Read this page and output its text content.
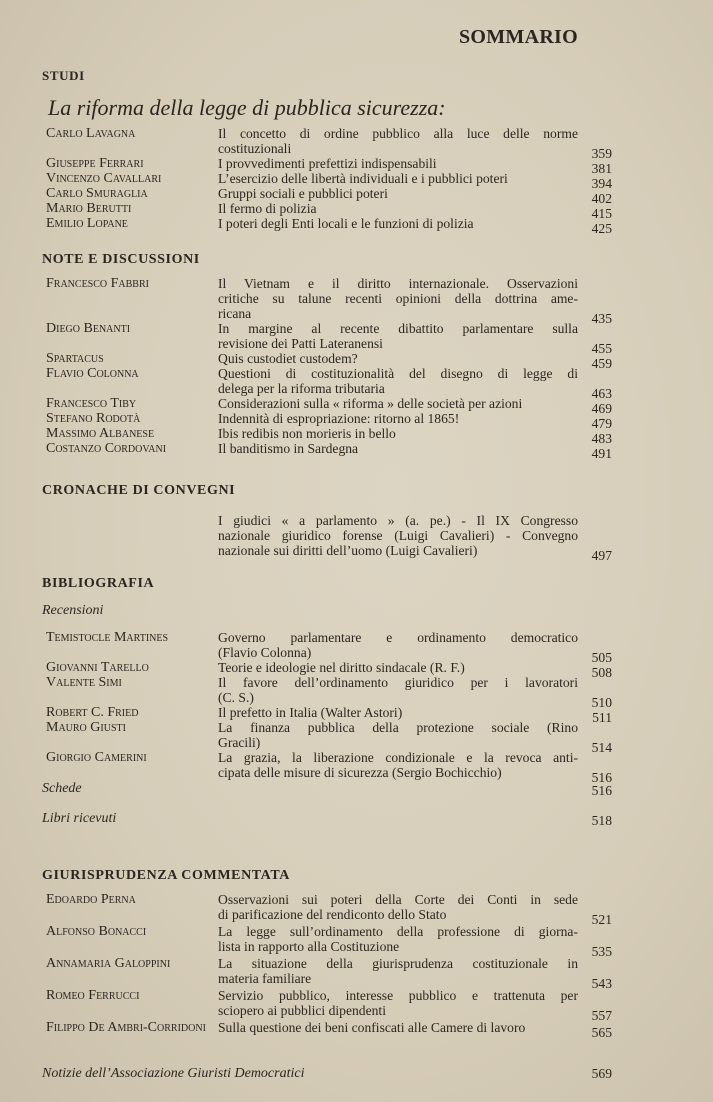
SOMMARIO
STUDI
La riforma della legge di pubblica sicurezza:
Carlo Lavagna	Il concetto di ordine pubblico alla luce delle norme
costituzionali	359
Giuseppe Ferrari	I provvedimenti prefettizi indispensabili	381
Vincenzo Cavallari	L’esercizio delle libertà individuali e i pubblici poteri	394
Carlo Smuraglia	Gruppi sociali e pubblici poteri	402
Mario Berutti	Il fermo di polizia	415
Emilio Lopane	I poteri degli Enti locali e le funzioni di polizia	425
NOTE E DISCUSSIONI
Francesco Fabbri	Il Vietnam e il diritto internazionale. Osservazioni
critiche su talune recenti opinioni della dottrina ame-
ricana	435
Diego Benanti	In margine al recente dibattito parlamentare sulla
revisione dei Patti Lateranensi	455
Spartacus	Quis custodiet custodem?	459
Flavio Colonna	Questioni di costituzionalità del disegno di legge di
delega per la riforma tributaria	463
Francesco Tiby	Considerazioni sulla « riforma » delle società per azioni	469
Stefano Rodotà	Indennità di espropriazione: ritorno al 1865!	479
Massimo Albanese	Ibis redibis non morieris in bello	483
Costanzo Cordovani	Il banditismo in Sardegna	491
CRONACHE DI CONVEGNI
I giudici « a parlamento » (a. pe.) - Il IX Congresso
nazionale giuridico forense (Luigi Cavalieri) - Convegno
nazionale sui diritti dell’uomo (Luigi Cavalieri)	497
BIBLIOGRAFIA
Recensioni
Temistocle Martines	Governo parlamentare e ordinamento democratico
(Flavio Colonna)	505
Giovanni Tarello	Teorie e ideologie nel diritto sindacale (R. F.)	508
Valente Simi	Il favore dell’ordinamento giuridico per i lavoratori
(C. S.)	510
Robert C. Fried	Il prefetto in Italia (Walter Astori)	511
Mauro Giusti	La finanza pubblica della protezione sociale (Rino
Gracili)	514
Giorgio Camerini	La grazia, la liberazione condizionale e la revoca anti-
cipata delle misure di sicurezza (Sergio Bochicchio)	516
Schede	516
Libri ricevuti	518
GIURISPRUDENZA COMMENTATA
Edoardo Perna	Osservazioni sui poteri della Corte dei Conti in sede
di parificazione del rendiconto dello Stato	521
Alfonso Bonacci	La legge sull’ordinamento della professione di giorna-
lista in rapporto alla Costituzione	535
Annamaria Galoppini	La situazione della giurisprudenza costituzionale in
materia familiare	543
Romeo Ferrucci	Servizio pubblico, interesse pubblico e trattenuta per
sciopero ai pubblici dipendenti	557
Filippo De Ambri-Corridoni Sulla questione dei beni confiscati alle Camere di lavoro	565
Notizie dell’Associazione Giuristi Democratici	569
